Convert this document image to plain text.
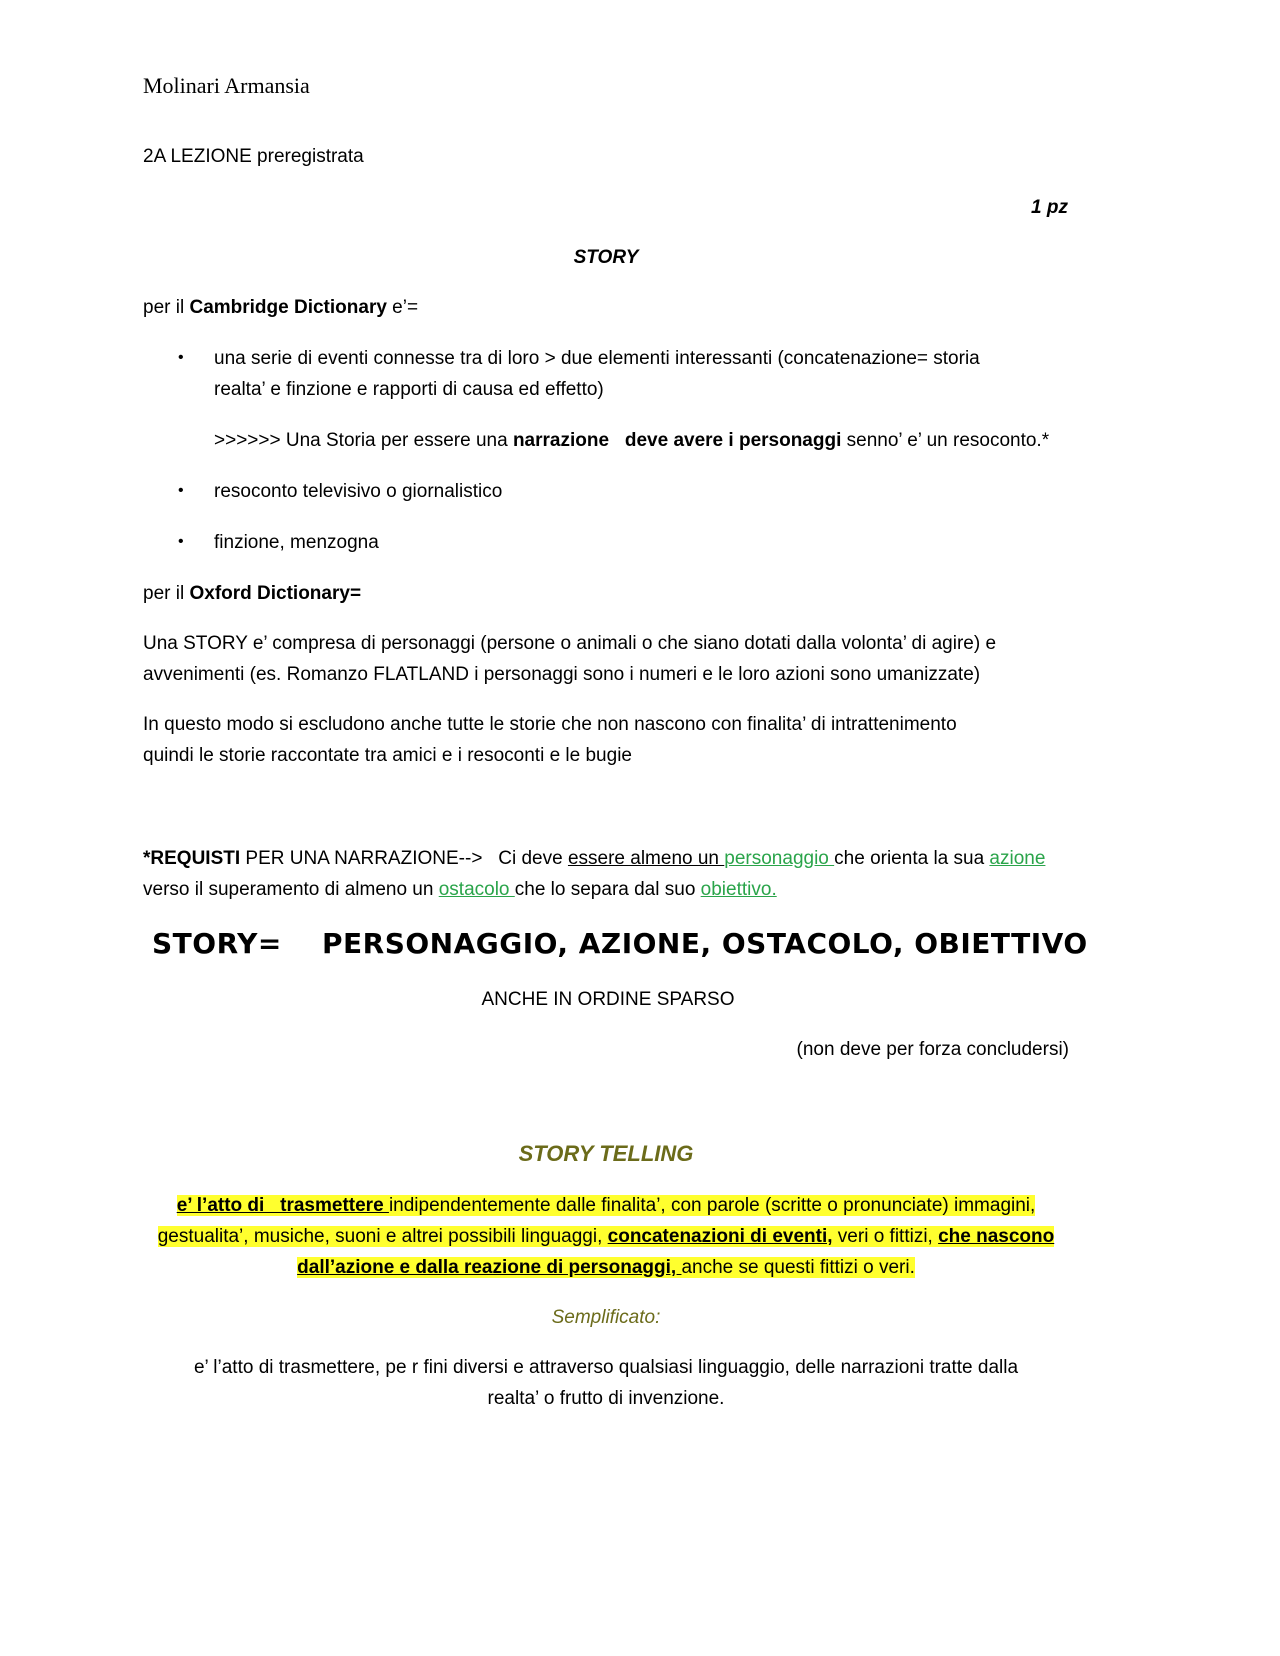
Molinari Armansia
2A LEZIONE preregistrata
1 pz
STORY
per il Cambridge Dictionary e’=
• una serie di eventi connesse tra di loro > due elementi interessanti (concatenazione= storia
realta’ e finzione e rapporti di causa ed effetto)
>>>>>> Una Storia per essere una narrazione deve avere i personaggi senno’ e’ un resoconto.*
• resoconto televisivo o giornalistico
• finzione, menzogna
per il Oxford Dictionary=
Una STORY e’ compresa di personaggi (persone o animali o che siano dotati dalla volonta’ di agire) e
avvenimenti (es. Romanzo FLATLAND i personaggi sono i numeri e le loro azioni sono umanizzate)
In questo modo si escludono anche tutte le storie che non nascono con finalita’ di intrattenimento
quindi le storie raccontate tra amici e i resoconti e le bugie
*REQUISTI PER UNA NARRAZIONE-->   Ci deve essere almeno un personaggio che orienta la sua azione
verso il superamento di almeno un ostacolo che lo separa dal suo obiettivo.
STORY= PERSONAGGIO, AZIONE, OSTACOLO, OBIETTIVO
ANCHE IN ORDINE SPARSO
(non deve per forza concludersi)
STORY TELLING
e’ l’atto di   trasmettere indipendentemente dalle finalita’, con parole (scritte o pronunciate) immagini,
gestualita’, musiche, suoni e altrei possibili linguaggi, concatenazioni di eventi, veri o fittizi, che nascono
dall’azione e dalla reazione di personaggi, anche se questi fittizi o veri.
Semplificato:
e’ l’atto di trasmettere, pe r fini diversi e attraverso qualsiasi linguaggio, delle narrazioni tratte dalla
realta’ o frutto di invenzione.
